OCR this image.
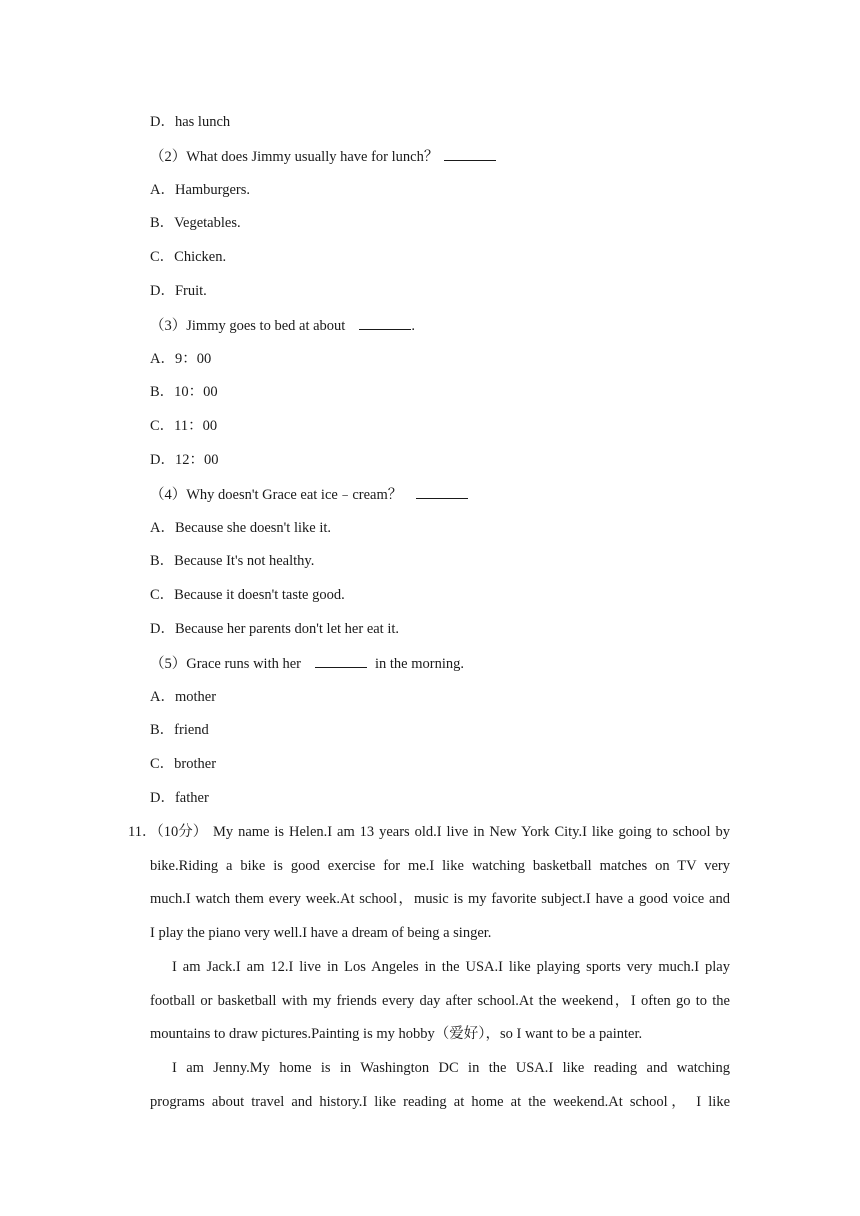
D．has lunch
（2）What does Jimmy usually have for lunch？
A．Hamburgers.
B．Vegetables.
C．Chicken.
D．Fruit.
（3）Jimmy goes to bed at about	.
A．9：00
B．10：00
C．11：00
D．12：00
（4）Why doesn't Grace eat ice﹣cream？
A．Because she doesn't like it.
B．Because It's not healthy.
C．Because it doesn't taste good.
D．Because her parents don't let her eat it.
（5）Grace runs with her	in the morning.
A．mother
B．friend
C．brother
D．father
11．（10分） My name is Helen.I am 13 years old.I live in New York City.I like going to school by
bike.Riding a bike is good exercise for me.I like watching basketball matches on TV very
much.I watch them every week.At school，music is my favorite subject.I have a good voice and
I play the piano very well.I have a dream of being a singer.
I am Jack.I am 12.I live in Los Angeles in the USA.I like playing sports very much.I play
football or basketball with my friends every day after school.At the weekend，I often go to the
mountains to draw pictures.Painting is my hobby（爱好），so I want to be a painter.
I am Jenny.My home is in Washington DC in the USA.I like reading and watching
programs about travel and history.I like reading at home at the weekend.At school， I like
